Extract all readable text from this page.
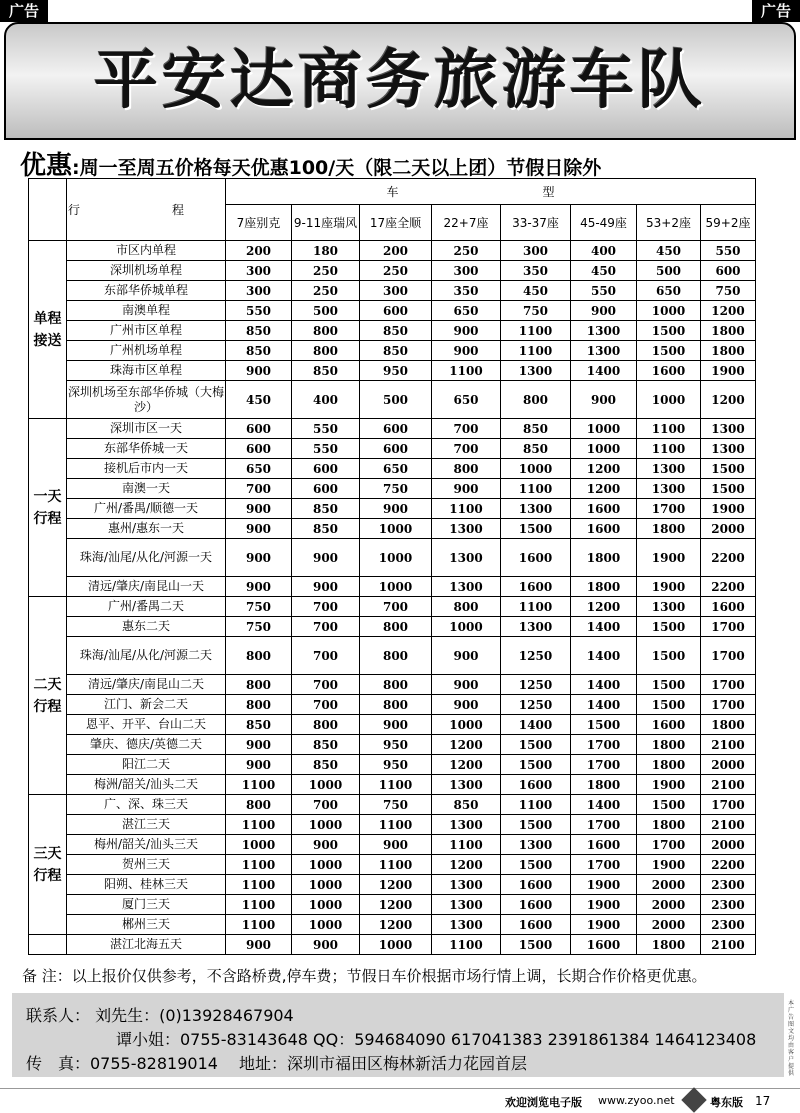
广告	广告
平安达商务旅游车队
优惠 :周一至周五价格每天优惠100/天（限二天以上团）节假日除外
	行　程	车　　型							
		7座别克	9-11座瑞风	17座全顺	22+7座	33-37座	45-49座	53+2座	59+2座
单程接送	市区内单程	200	180	200	250	300	400	450	550
	深圳机场单程	300	250	250	300	350	450	500	600
	东部华侨城单程	300	250	300	350	450	550	650	750
	南澳单程	550	500	600	650	750	900	1000	1200
	广州市区单程	850	800	850	900	1100	1300	1500	1800
	广州机场单程	850	800	850	900	1100	1300	1500	1800
	珠海市区单程	900	850	950	1100	1300	1400	1600	1900
	深圳机场至东部华侨城（大梅沙）	450	400	500	650	800	900	1000	1200
一天行程	深圳市区一天	600	550	600	700	850	1000	1100	1300
	东部华侨城一天	600	550	600	700	850	1000	1100	1300
	接机后市内一天	650	600	650	800	1000	1200	1300	1500
	南澳一天	700	600	750	900	1100	1200	1300	1500
	广州/番禺/顺德一天	900	850	900	1100	1300	1600	1700	1900
	惠州/惠东一天	900	850	1000	1300	1500	1600	1800	2000
	珠海/汕尾/从化/河源一天	900	900	1000	1300	1600	1800	1900	2200
	清远/肇庆/南昆山一天	900	900	1000	1300	1600	1800	1900	2200
二天行程	广州/番禺二天	750	700	700	800	1100	1200	1300	1600
	惠东二天	750	700	800	1000	1300	1400	1500	1700
	珠海/汕尾/从化/河源二天	800	700	800	900	1250	1400	1500	1700
	清远/肇庆/南昆山二天	800	700	800	900	1250	1400	1500	1700
	江门、新会二天	800	700	800	900	1250	1400	1500	1700
	恩平、开平、台山二天	850	800	900	1000	1400	1500	1600	1800
	肇庆、德庆/英德二天	900	850	950	1200	1500	1700	1800	2100
	阳江二天	900	850	950	1200	1500	1700	1800	2000
	梅洲/韶关/汕头二天	1100	1000	1100	1300	1600	1800	1900	2100
三天行程	广、深、珠三天	800	700	750	850	1100	1400	1500	1700
	湛江三天	1100	1000	1100	1300	1500	1700	1800	2100
	梅州/韶关/汕头三天	1000	900	900	1100	1300	1600	1700	2000
	贺州三天	1100	1000	1100	1200	1500	1700	1900	2200
	阳朔、桂林三天	1100	1000	1200	1300	1600	1900	2000	2300
	厦门三天	1100	1000	1200	1300	1600	1900	2000	2300
	郴州三天	1100	1000	1200	1300	1600	1900	2000	2300
	湛江北海五天	900	900	1000	1100	1500	1600	1800	2100
备 注：以上报价仅供参考，不含路桥费,停车费；节假日车价根据市场行情上调，长期合作价格更优惠。
联系人： 刘先生：(0)13928467904
谭小姐：0755-83143648 QQ：594684090 617041383 2391861384 1464123408
传　真：0755-82819014　 地址：深圳市福田区梅林新活力花园首层
本广告图文均由客户提供
欢迎浏览电子版 www.zyoo.net	粤东版 17
